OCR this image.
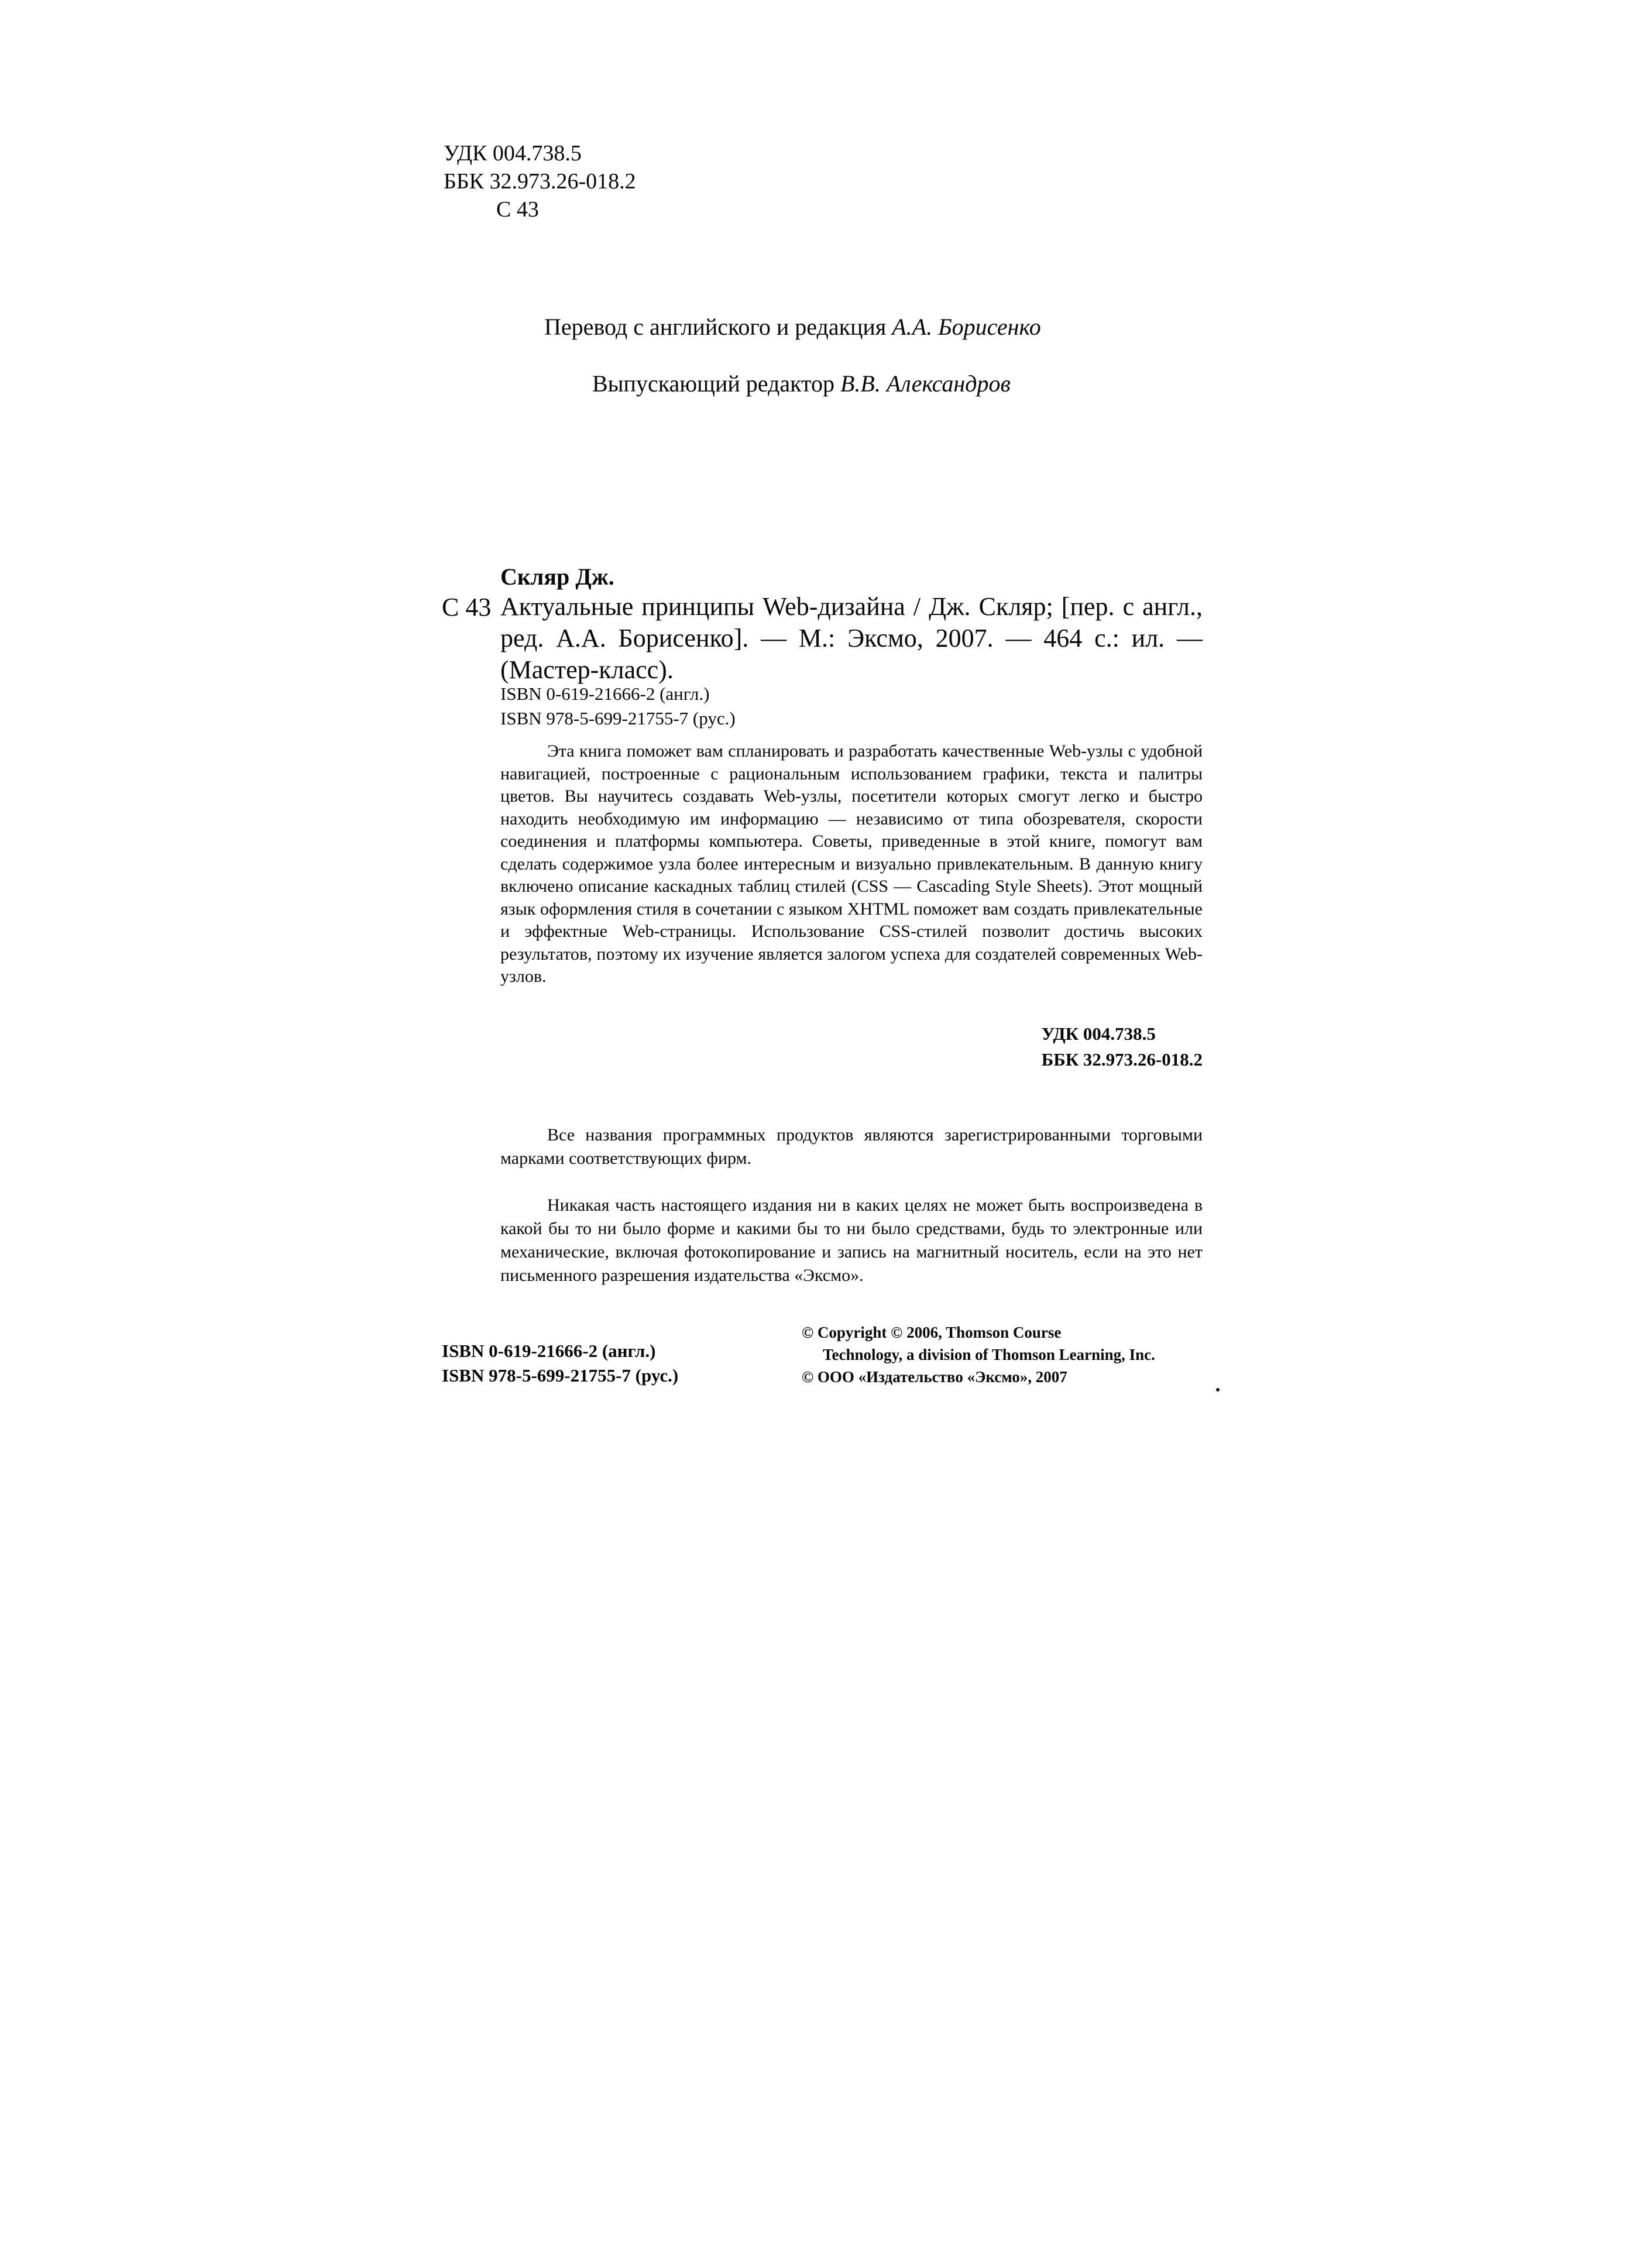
УДК 004.738.5
ББК 32.973.26-018.2
С 43
Перевод с английского и редакция А.А. Борисенко
Выпускающий редактор В.В. Александров
Скляр Дж.
С 43 Актуальные принципы Web-дизайна / Дж. Скляр; [пер. с англ., ред. А.А. Борисенко]. — М.: Эксмо, 2007. — 464 с.: ил. — (Мастер-класс).
ISBN 0-619-21666-2 (англ.)
ISBN 978-5-699-21755-7 (рус.)
Эта книга поможет вам спланировать и разработать качественные Web-узлы с удобной навигацией, построенные с рациональным использованием графики, текста и палитры цветов. Вы научитесь создавать Web-узлы, посетители которых смогут легко и быстро находить необходимую им информацию — независимо от типа обозревателя, скорости соединения и платформы компьютера. Советы, приведенные в этой книге, помогут вам сделать содержимое узла более интересным и визуально привлекательным. В данную книгу включено описание каскадных таблиц стилей (CSS — Cascading Style Sheets). Этот мощный язык оформления стиля в сочетании с языком XHTML поможет вам создать привлекательные и эффектные Web-страницы. Использование CSS-стилей позволит достичь высоких результатов, поэтому их изучение является залогом успеха для создателей современных Web-узлов.
УДК 004.738.5
ББК 32.973.26-018.2
Все названия программных продуктов являются зарегистрированными торговыми марками соответствующих фирм.
Никакая часть настоящего издания ни в каких целях не может быть воспроизведена в какой бы то ни было форме и какими бы то ни было средствами, будь то электронные или механические, включая фотокопирование и запись на магнитный носитель, если на это нет письменного разрешения издательства «Эксмо».
ISBN 0-619-21666-2 (англ.)
ISBN 978-5-699-21755-7 (рус.)
© Copyright © 2006, Thomson Course
Technology, a division of Thomson Learning, Inc.
© ООО «Издательство «Эксмо», 2007
